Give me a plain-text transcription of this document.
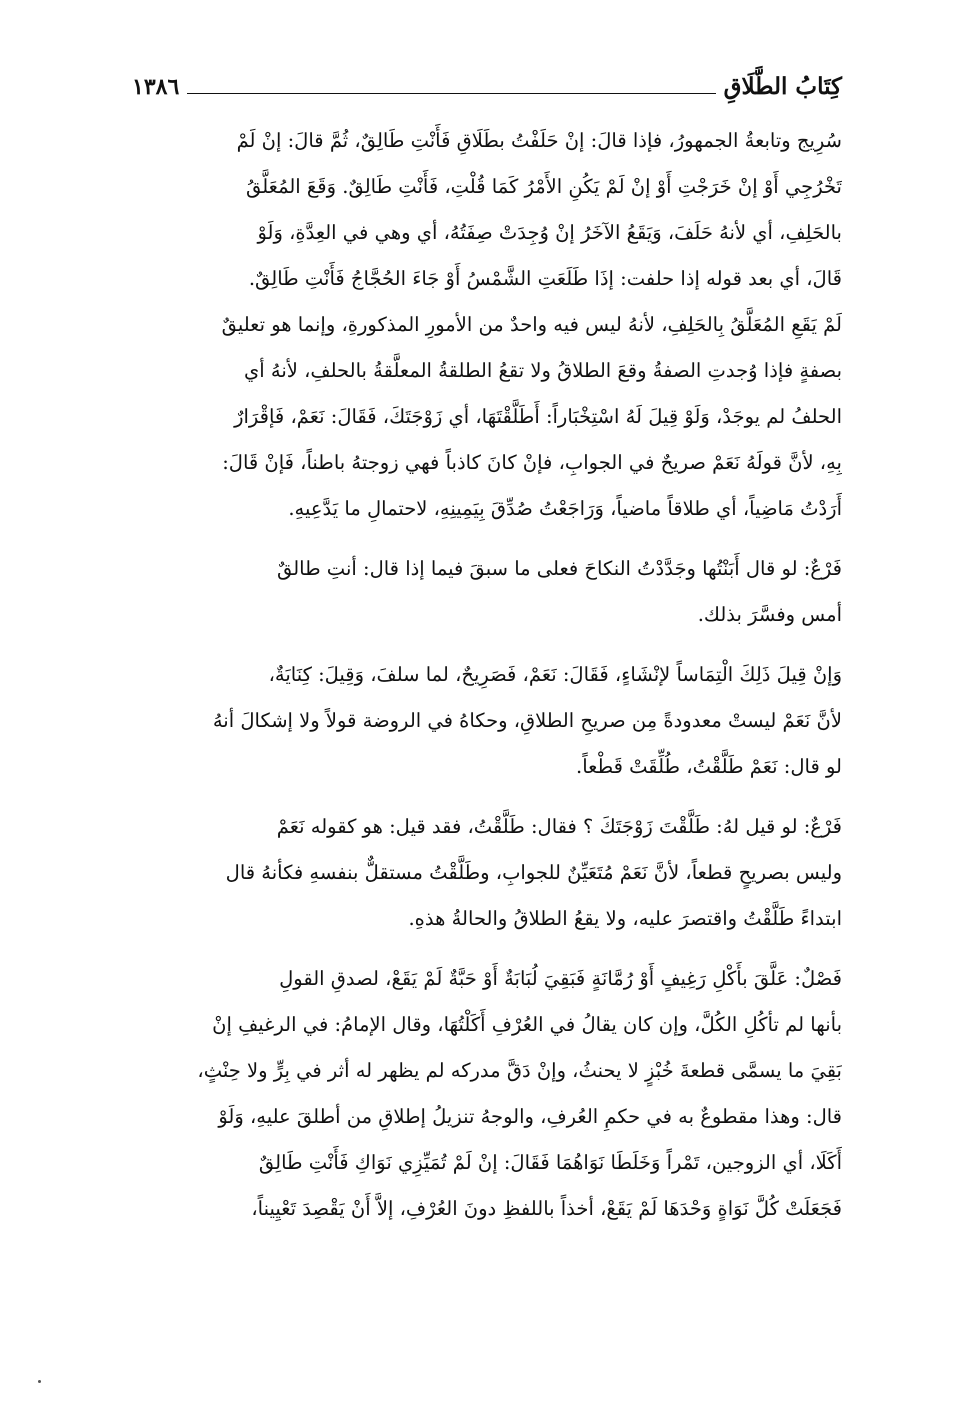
١٣٨٦	كِتَابُ الطَّلَاقِ
سُرِيج وتابعةُ الجمهورُ، فإذا قالَ: إنْ حَلَفْتُ بطَلَاقِ فَأَنْتِ طَالِقٌ، ثُمَّ قالَ: إنْ لَمْ
تَخْرُجِي أَوْ إنْ خَرَجْتِ أَوْ إنْ لَمْ يَكُنِ الأَمْرُ كَمَا قُلْتِ، فَأَنْتِ طَالِقٌ. وَقَعَ المُعَلَّقُ
بالحَلِفِ، أي لأنهُ حَلَفَ، وَيَقَعُ الآخَرُ إنْ وُجِدَتْ صِفَتُهُ، أي وهي في العِدَّةِ، وَلَوْ
قَالَ، أي بعد قوله إذا حلفت: إذَا طَلَعَتِ الشَّمْسُ أَوْ جَاءَ الحُجَّاجُ فَأَنْتِ طَالِقٌ.
لَمْ يَقَعِ المُعَلَّقُ بِالحَلِفِ، لأنهُ ليس فيه واحدٌ من الأمورِ المذكورةِ، وإنما هو تعليقٌ
بصفةٍ فإذا وُجدتِ الصفةُ وقعَ الطلاقُ ولا تقعُ الطلقةُ المعلَّقةُ بالحلفِ، لأنهُ أي
الحلفُ لم يوجَدْ، وَلَوْ قِيلَ لَهُ اسْتِخْبَاراً: أَطَلَّقْتَهَا، أي زَوْجَتَكَ، فَقَالَ: نَعَمْ، فَإقْرَارٌ
بِهِ، لأنَّ قولَهُ نَعَمْ صريحٌ في الجوابِ، فإنْ كانَ كاذباً فهي زوجتهُ باطناً، فَإنْ قَالَ:
أَرَدْتُ مَاضِياً، أي طلاقاً ماضياً، وَرَاجَعْتُ صُدِّقَ بِيَمِينِهِ، لاحتمالِ ما يَدَّعِيهِ.
فَرْعٌ: لو قال أَبَنْتُها وجَدَّدْتُ النكاحَ فعلى ما سبقَ فيما إذا قال: أنتِ طالقٌ
أمس وفسَّرَ بذلك.
وَإنْ قِيلَ ذَلِكَ الْتِمَاساً لإنْشَاءٍ، فَقَالَ: نَعَمْ، فَصَرِيحٌ، لما سلفَ، وَقِيلَ: كِنَايَةٌ،
لأنَّ نَعَمْ ليستْ معدودةً مِن صريحِ الطلاقِ، وحكاهُ في الروضة قولاً ولا إشكالَ أنهُ
لو قال: نَعَمْ طَلَّقْتُ، طُلِّقَتْ قَطْعاً.
فَرْعٌ: لو قيل لهُ: طَلَّقْتَ زَوْجَتَكَ ؟ فقال: طَلَّقْتُ، فقد قيل: هو كقوله نَعَمْ
وليس بصريحٍ قطعاً، لأنَّ نَعَمْ مُتَعَيِّنٌ للجوابِ، وطَلَّقْتُ مستقلٌّ بنفسهِ فكأنهُ قال
ابتداءً طَلَّقْتُ واقتصرَ عليه، ولا يقعُ الطلاقُ والحالةُ هذهِ.
فَصْلٌ: عَلَّقَ بأَكْلِ رَغِيفٍ أَوْ رُمَّانَةٍ فَبَقِيَ لُبَابَةٌ أَوْ حَبَّةٌ لَمْ يَقَعْ، لصدقِ القولِ
بأنها لم تأكُلِ الكُلَّ، وإن كان يقالُ في العُرْفِ أَكَلْتُهَا، وقال الإمامُ: في الرغيفِ إنْ
بَقِيَ ما يسمَّى قطعةَ خُبْزٍ لا يحنثُ، وإنْ دَقَّ مدركه لم يظهر له أثر في بِرٍّ ولا حِنْثٍ،
قال: وهذا مقطوعٌ به في حكمِ العُرفِ، والوجهُ تنزيلُ إطلاقِ من أطلقَ عليهِ، وَلَوْ
أَكَلَا، أي الزوجين، تَمْراً وَخَلَطَا نَوَاهُمَا فَقَالَ: إنْ لَمْ تُمَيِّزِي نَوَاكِ فَأَنْتِ طَالِقٌ
فَجَعَلَتْ كُلَّ نَوَاةٍ وَحْدَهَا لَمْ يَقَعْ، أخذاً باللفظِ دونَ العُرْفِ، إلاَّ أَنْ يَقْصِدَ تَعْيِيناً،
